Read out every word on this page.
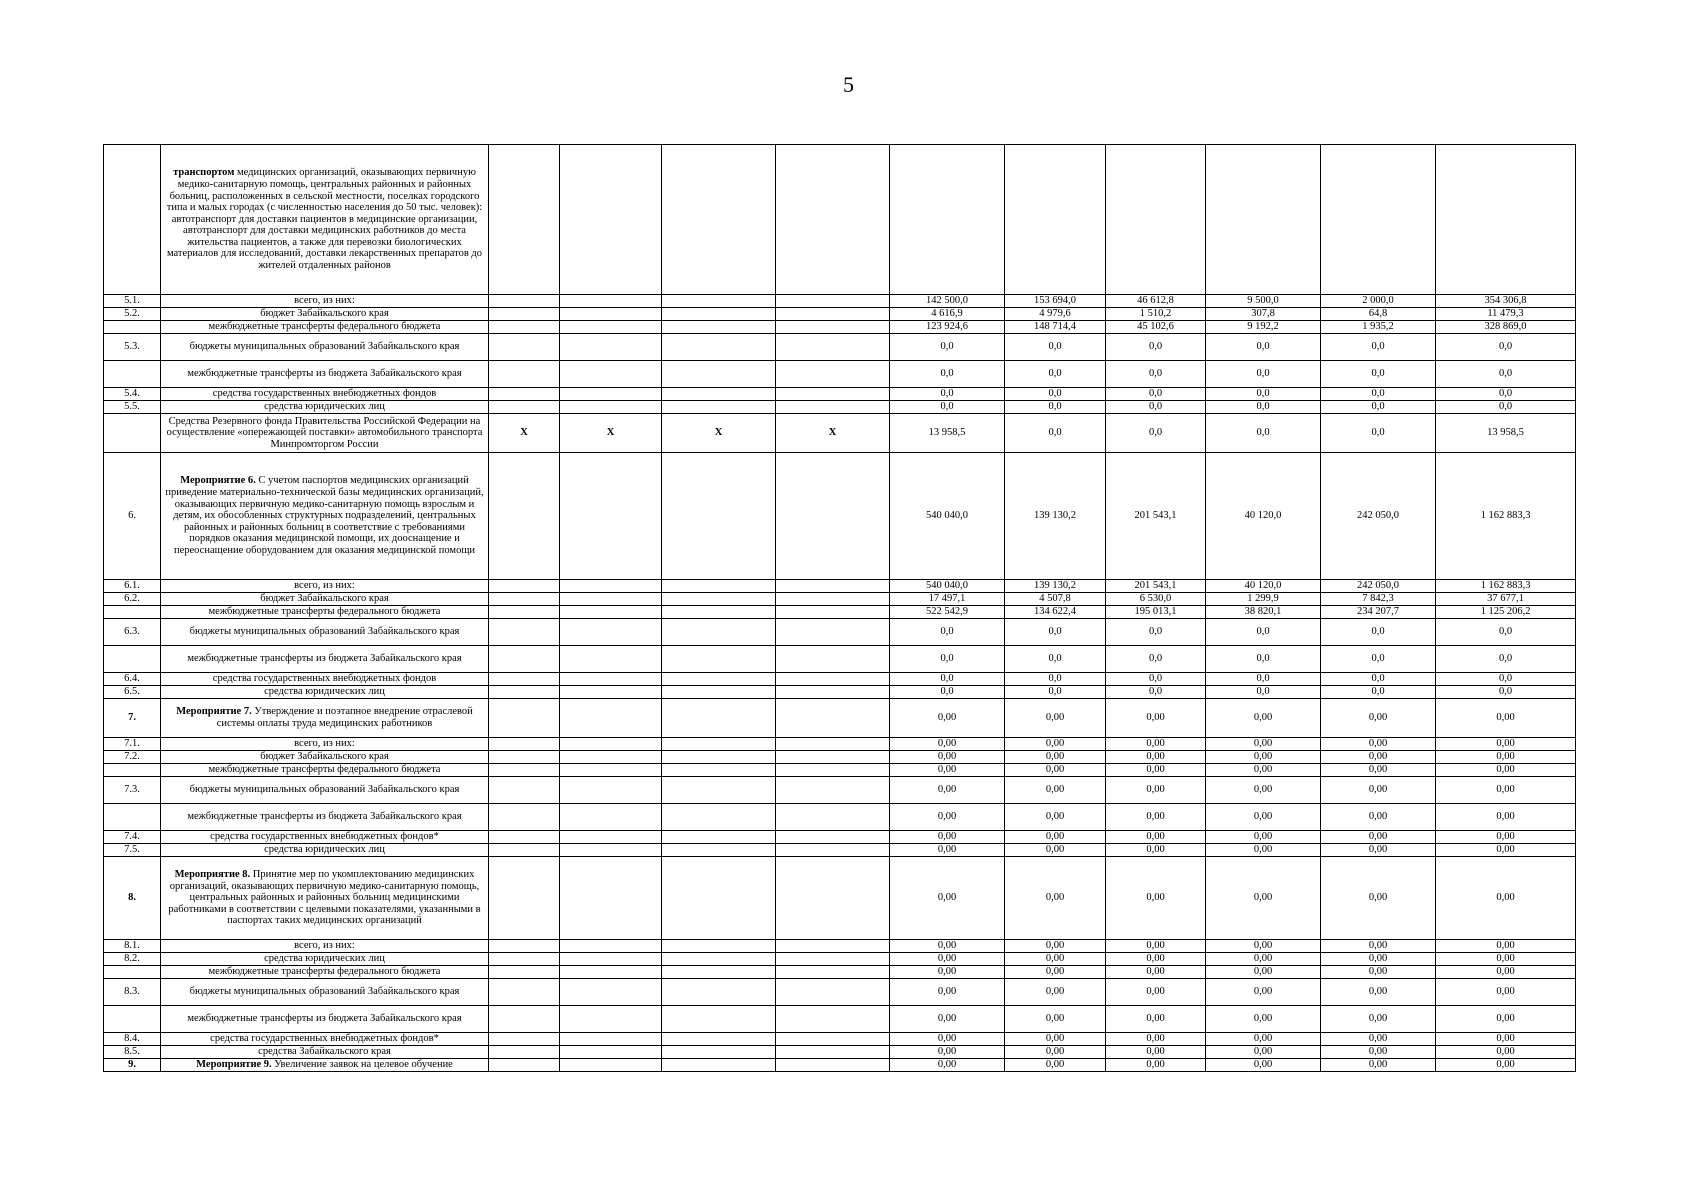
5
	транспортом медицинских организаций, оказывающих первичную медико-санитарную помощь, центральных районных и районных больниц, расположенных в сельской местности, поселках городского типа и малых городах (с численностью населения до 50 тыс. человек): автотранспорт для доставки пациентов в медицинские организации, автотранспорт для доставки медицинских работников до места жительства пациентов, а также для перевозки биологических материалов для исследований, доставки лекарственных препаратов до жителей отдаленных районов										
5.1.	всего, из них:					142 500,0	153 694,0	46 612,8	9 500,0	2 000,0	354 306,8
5.2.	бюджет Забайкальского края					4 616,9	4 979,6	1 510,2	307,8	64,8	11 479,3
	межбюджетные трансферты федерального бюджета					123 924,6	148 714,4	45 102,6	9 192,2	1 935,2	328 869,0
5.3.	бюджеты муниципальных образований Забайкальского края					0,0	0,0	0,0	0,0	0,0	0,0
	межбюджетные трансферты из бюджета Забайкальского края					0,0	0,0	0,0	0,0	0,0	0,0
5.4.	средства государственных внебюджетных фондов					0,0	0,0	0,0	0,0	0,0	0,0
5.5.	средства юридических лиц					0,0	0,0	0,0	0,0	0,0	0,0
	Средства Резервного фонда Правительства Российской Федерации на осуществление «опережающей поставки» автомобильного транспорта Минпромторгом России	X	X	X	X	13 958,5	0,0	0,0	0,0	0,0	13 958,5
6.	Мероприятие 6. С учетом паспортов медицинских организаций приведение материально-технической базы медицинских организаций, оказывающих первичную медико-санитарную помощь взрослым и детям, их обособленных структурных подразделений, центральных районных и районных больниц в соответствие с требованиями порядков оказания медицинской помощи, их дооснащение и переоснащение оборудованием для оказания медицинской помощи					540 040,0	139 130,2	201 543,1	40 120,0	242 050,0	1 162 883,3
6.1.	всего, из них:					540 040,0	139 130,2	201 543,1	40 120,0	242 050,0	1 162 883,3
6.2.	бюджет Забайкальского края					17 497,1	4 507,8	6 530,0	1 299,9	7 842,3	37 677,1
	межбюджетные трансферты федерального бюджета					522 542,9	134 622,4	195 013,1	38 820,1	234 207,7	1 125 206,2
6.3.	бюджеты муниципальных образований Забайкальского края					0,0	0,0	0,0	0,0	0,0	0,0
	межбюджетные трансферты из бюджета Забайкальского края					0,0	0,0	0,0	0,0	0,0	0,0
6.4.	средства государственных внебюджетных фондов					0,0	0,0	0,0	0,0	0,0	0,0
6.5.	средства юридических лиц					0,0	0,0	0,0	0,0	0,0	0,0
7.	Мероприятие 7. Утверждение и поэтапное внедрение отраслевой системы оплаты труда медицинских работников					0,00	0,00	0,00	0,00	0,00	0,00
7.1.	всего, из них:					0,00	0,00	0,00	0,00	0,00	0,00
7.2.	бюджет Забайкальского края					0,00	0,00	0,00	0,00	0,00	0,00
	межбюджетные трансферты федерального бюджета					0,00	0,00	0,00	0,00	0,00	0,00
7.3.	бюджеты муниципальных образований Забайкальского края					0,00	0,00	0,00	0,00	0,00	0,00
	межбюджетные трансферты из бюджета Забайкальского края					0,00	0,00	0,00	0,00	0,00	0,00
7.4.	средства государственных внебюджетных фондов*					0,00	0,00	0,00	0,00	0,00	0,00
7.5.	средства юридических лиц					0,00	0,00	0,00	0,00	0,00	0,00
8.	Мероприятие 8. Принятие мер по укомплектованию медицинских организаций, оказывающих первичную медико-санитарную помощь, центральных районных и районных больниц медицинскими работниками в соответствии с целевыми показателями, указанными в паспортах таких медицинских организаций					0,00	0,00	0,00	0,00	0,00	0,00
8.1.	всего, из них:					0,00	0,00	0,00	0,00	0,00	0,00
8.2.	средства юридических лиц					0,00	0,00	0,00	0,00	0,00	0,00
	межбюджетные трансферты федерального бюджета					0,00	0,00	0,00	0,00	0,00	0,00
8.3.	бюджеты муниципальных образований Забайкальского края					0,00	0,00	0,00	0,00	0,00	0,00
	межбюджетные трансферты из бюджета Забайкальского края					0,00	0,00	0,00	0,00	0,00	0,00
8.4.	средства государственных внебюджетных фондов*					0,00	0,00	0,00	0,00	0,00	0,00
8.5.	средства Забайкальского края					0,00	0,00	0,00	0,00	0,00	0,00
9.	Мероприятие 9. Увеличение заявок на целевое обучение					0,00	0,00	0,00	0,00	0,00	0,00
